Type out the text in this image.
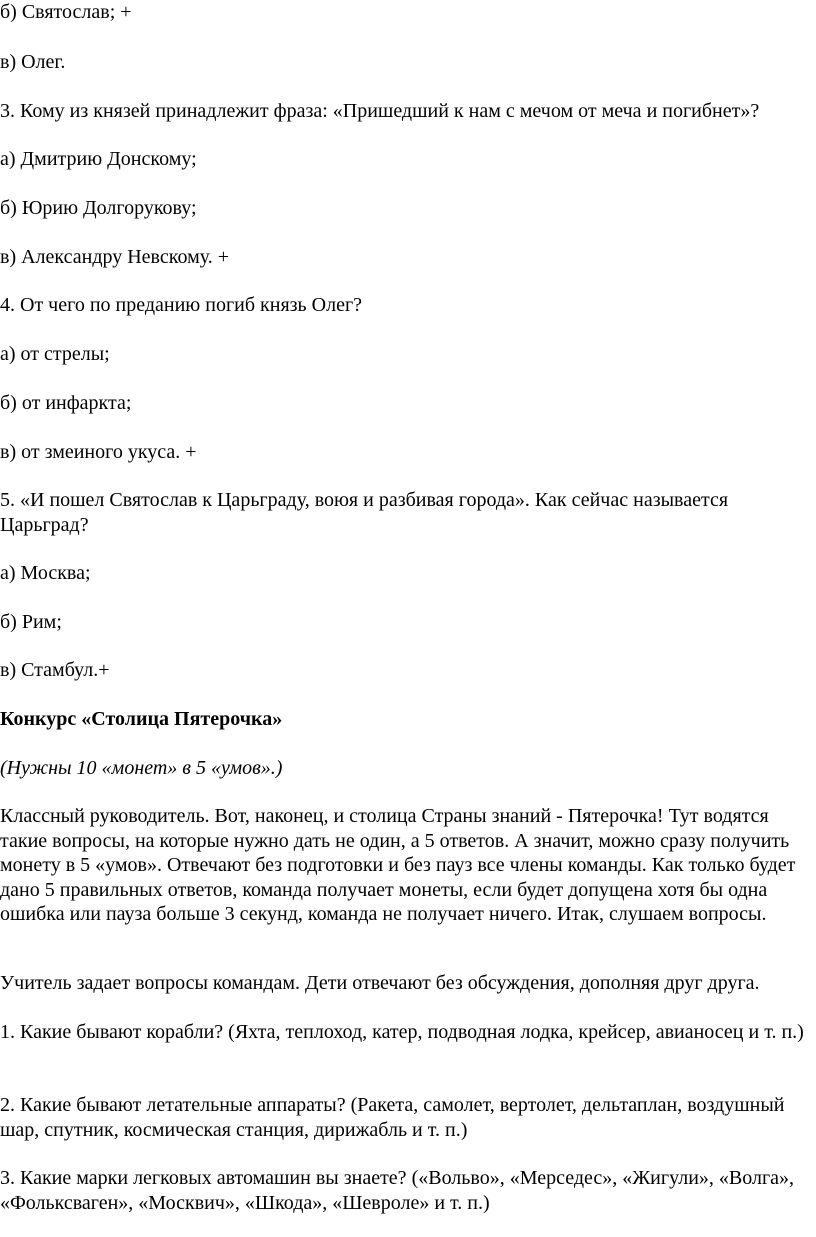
б) Святослав; +

в) Олег.

3. Кому из князей принадлежит фраза: «Пришедший к нам с мечом от меча и погибнет»?

а) Дмитрию Донскому;

б) Юрию Долгорукову;

в) Александру Невскому. +

4. От чего по преданию погиб князь Олег?

а) от стрелы;

б) от инфаркта;

в) от змеиного укуса. +

5. «И пошел Святослав к Царьграду, воюя и разбивая города». Как сейчас называется Царьград?

а) Москва;

б) Рим;

в) Стамбул.+

Конкурс «Столица Пятерочка»

(Нужны 10 «монет» в 5 «умов».)

Классный руководитель. Вот, наконец, и столица Страны знаний - Пятерочка! Тут водятся такие вопросы, на которые нужно дать не один, а 5 ответов. А значит, можно сразу получить монету в 5 «умов». Отвечают без подготовки и без пауз все члены команды. Как только будет дано 5 правильных ответов, команда получает монеты, если будет допущена хотя бы одна ошибка или пауза больше 3 секунд, команда не получает ничего. Итак, слушаем вопросы.

Учитель задает вопросы командам. Дети отвечают без обсуждения, дополняя друг друга.

1. Какие бывают корабли? (Яхта, теплоход, катер, подводная лодка, крейсер, авианосец и т. п.)

2. Какие бывают летательные аппараты? (Ракета, самолет, вертолет, дельтаплан, воздушный шар, спутник, космическая станция, дирижабль и т. п.)

3. Какие марки легковых автомашин вы знаете? («Вольво», «Мерседес», «Жигули», «Волга», «Фольксваген», «Москвич», «Шкода», «Шевроле» и т. п.)
